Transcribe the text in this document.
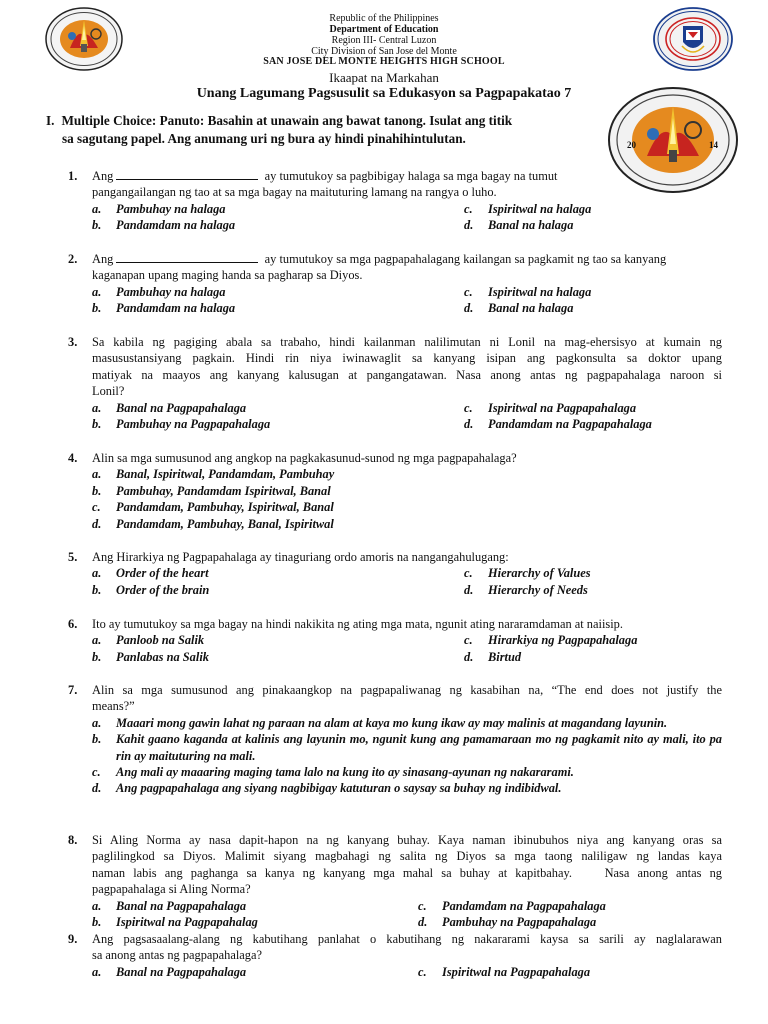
20	14
Republic of the Philippines
Department of Education
Region III- Central Luzon
City Division of San Jose del Monte
SAN JOSE DEL MONTE HEIGHTS HIGH SCHOOL
Ikaapat na Markahan
Unang Lagumang Pagsusulit sa Edukasyon sa Pagpapakatao 7
I. Multiple Choice: Panuto: Basahin at unawain ang bawat tanong. Isulat ang titik
sa sagutang papel. Ang anumang uri ng bura ay hindi pinahihintulutan.
1. Ang	ay tumutukoy sa pagbibigay halaga sa mga bagay na tumut
pangangailangan ng tao at sa mga bagay na maituturing lamang na rangya o luho.
a. Pambuhay na halaga	c. Ispiritwal na halaga
b. Pandamdam na halaga	d. Banal na halaga
2. Ang	ay tumutukoy sa mga pagpapahalagang kailangan sa pagkamit ng tao sa kanyang
kaganapan upang maging handa sa pagharap sa Diyos.
a. Pambuhay na halaga	c. Ispiritwal na halaga
b. Pandamdam na halaga	d. Banal na halaga
3. Sa kabila ng pagiging abala sa trabaho, hindi kailanman nalilimutan ni Lonil na mag-ehersisyo at kumain ng
masusustansiyang pagkain. Hindi rin niya iwinawaglit sa kanyang isipan ang pagkonsulta sa doktor upang
matiyak na maayos ang kanyang kalusugan at pangangatawan. Nasa anong antas ng pagpapahalaga naroon si
Lonil?
a. Banal na Pagpapahalaga	c. Ispiritwal na Pagpapahalaga
b. Pambuhay na Pagpapahalaga	d. Pandamdam na Pagpapahalaga
4. Alin sa mga sumusunod ang angkop na pagkakasunud-sunod ng mga pagpapahalaga?
a. Banal, Ispiritwal, Pandamdam, Pambuhay
b. Pambuhay, Pandamdam Ispiritwal, Banal
c. Pandamdam, Pambuhay, Ispiritwal, Banal
d. Pandamdam, Pambuhay, Banal, Ispiritwal
5. Ang Hirarkiya ng Pagpapahalaga ay tinaguriang ordo amoris na nangangahulugang:
a. Order of the heart	c. Hierarchy of Values
b. Order of the brain	d. Hierarchy of Needs
6. Ito ay tumutukoy sa mga bagay na hindi nakikita ng ating mga mata, ngunit ating nararamdaman at naiisip.
a. Panloob na Salik	c. Hirarkiya ng Pagpapahalaga
b. Panlabas na Salik	d. Birtud
7. Alin sa mga sumusunod ang pinakaangkop na pagpapaliwanag ng kasabihan na, “The end does not justify the
means?”
a.	Maaari mong gawin lahat ng paraan na alam at kaya mo kung ikaw ay may malinis at magandang layunin.
b.	Kahit gaano kaganda at kalinis ang layunin mo, ngunit kung ang pamamaraan mo ng pagkamit nito ay mali, ito pa rin ay maituturing na mali.
c.	Ang mali ay maaaring maging tama lalo na kung ito ay sinasang-ayunan ng nakararami.
d.	Ang pagpapahalaga ang siyang nagbibigay katuturan o saysay sa buhay ng indibidwal.
8. Si Aling Norma ay nasa dapit-hapon na ng kanyang buhay. Kaya naman ibinubuhos niya ang kanyang oras sa
paglilingkod sa Diyos. Malimit siyang magbahagi ng salita ng Diyos sa mga taong naliligaw ng landas kaya
naman labis ang paghanga sa kanya ng kanyang mga mahal sa buhay at kapitbahay.    Nasa anong antas ng
pagpapahalaga si Aling Norma?
a. Banal na Pagpapahalaga	c. Pandamdam na Pagpapahalaga
b. Ispiritwal na Pagpapahalag	d. Pambuhay na Pagpapahalaga
9. Ang pagsasaalang-alang ng kabutihang panlahat o kabutihang ng nakararami kaysa sa sarili ay naglalarawan
sa anong antas ng pagpapahalaga?
a. Banal na Pagpapahalaga	c. Ispiritwal na Pagpapahalaga
